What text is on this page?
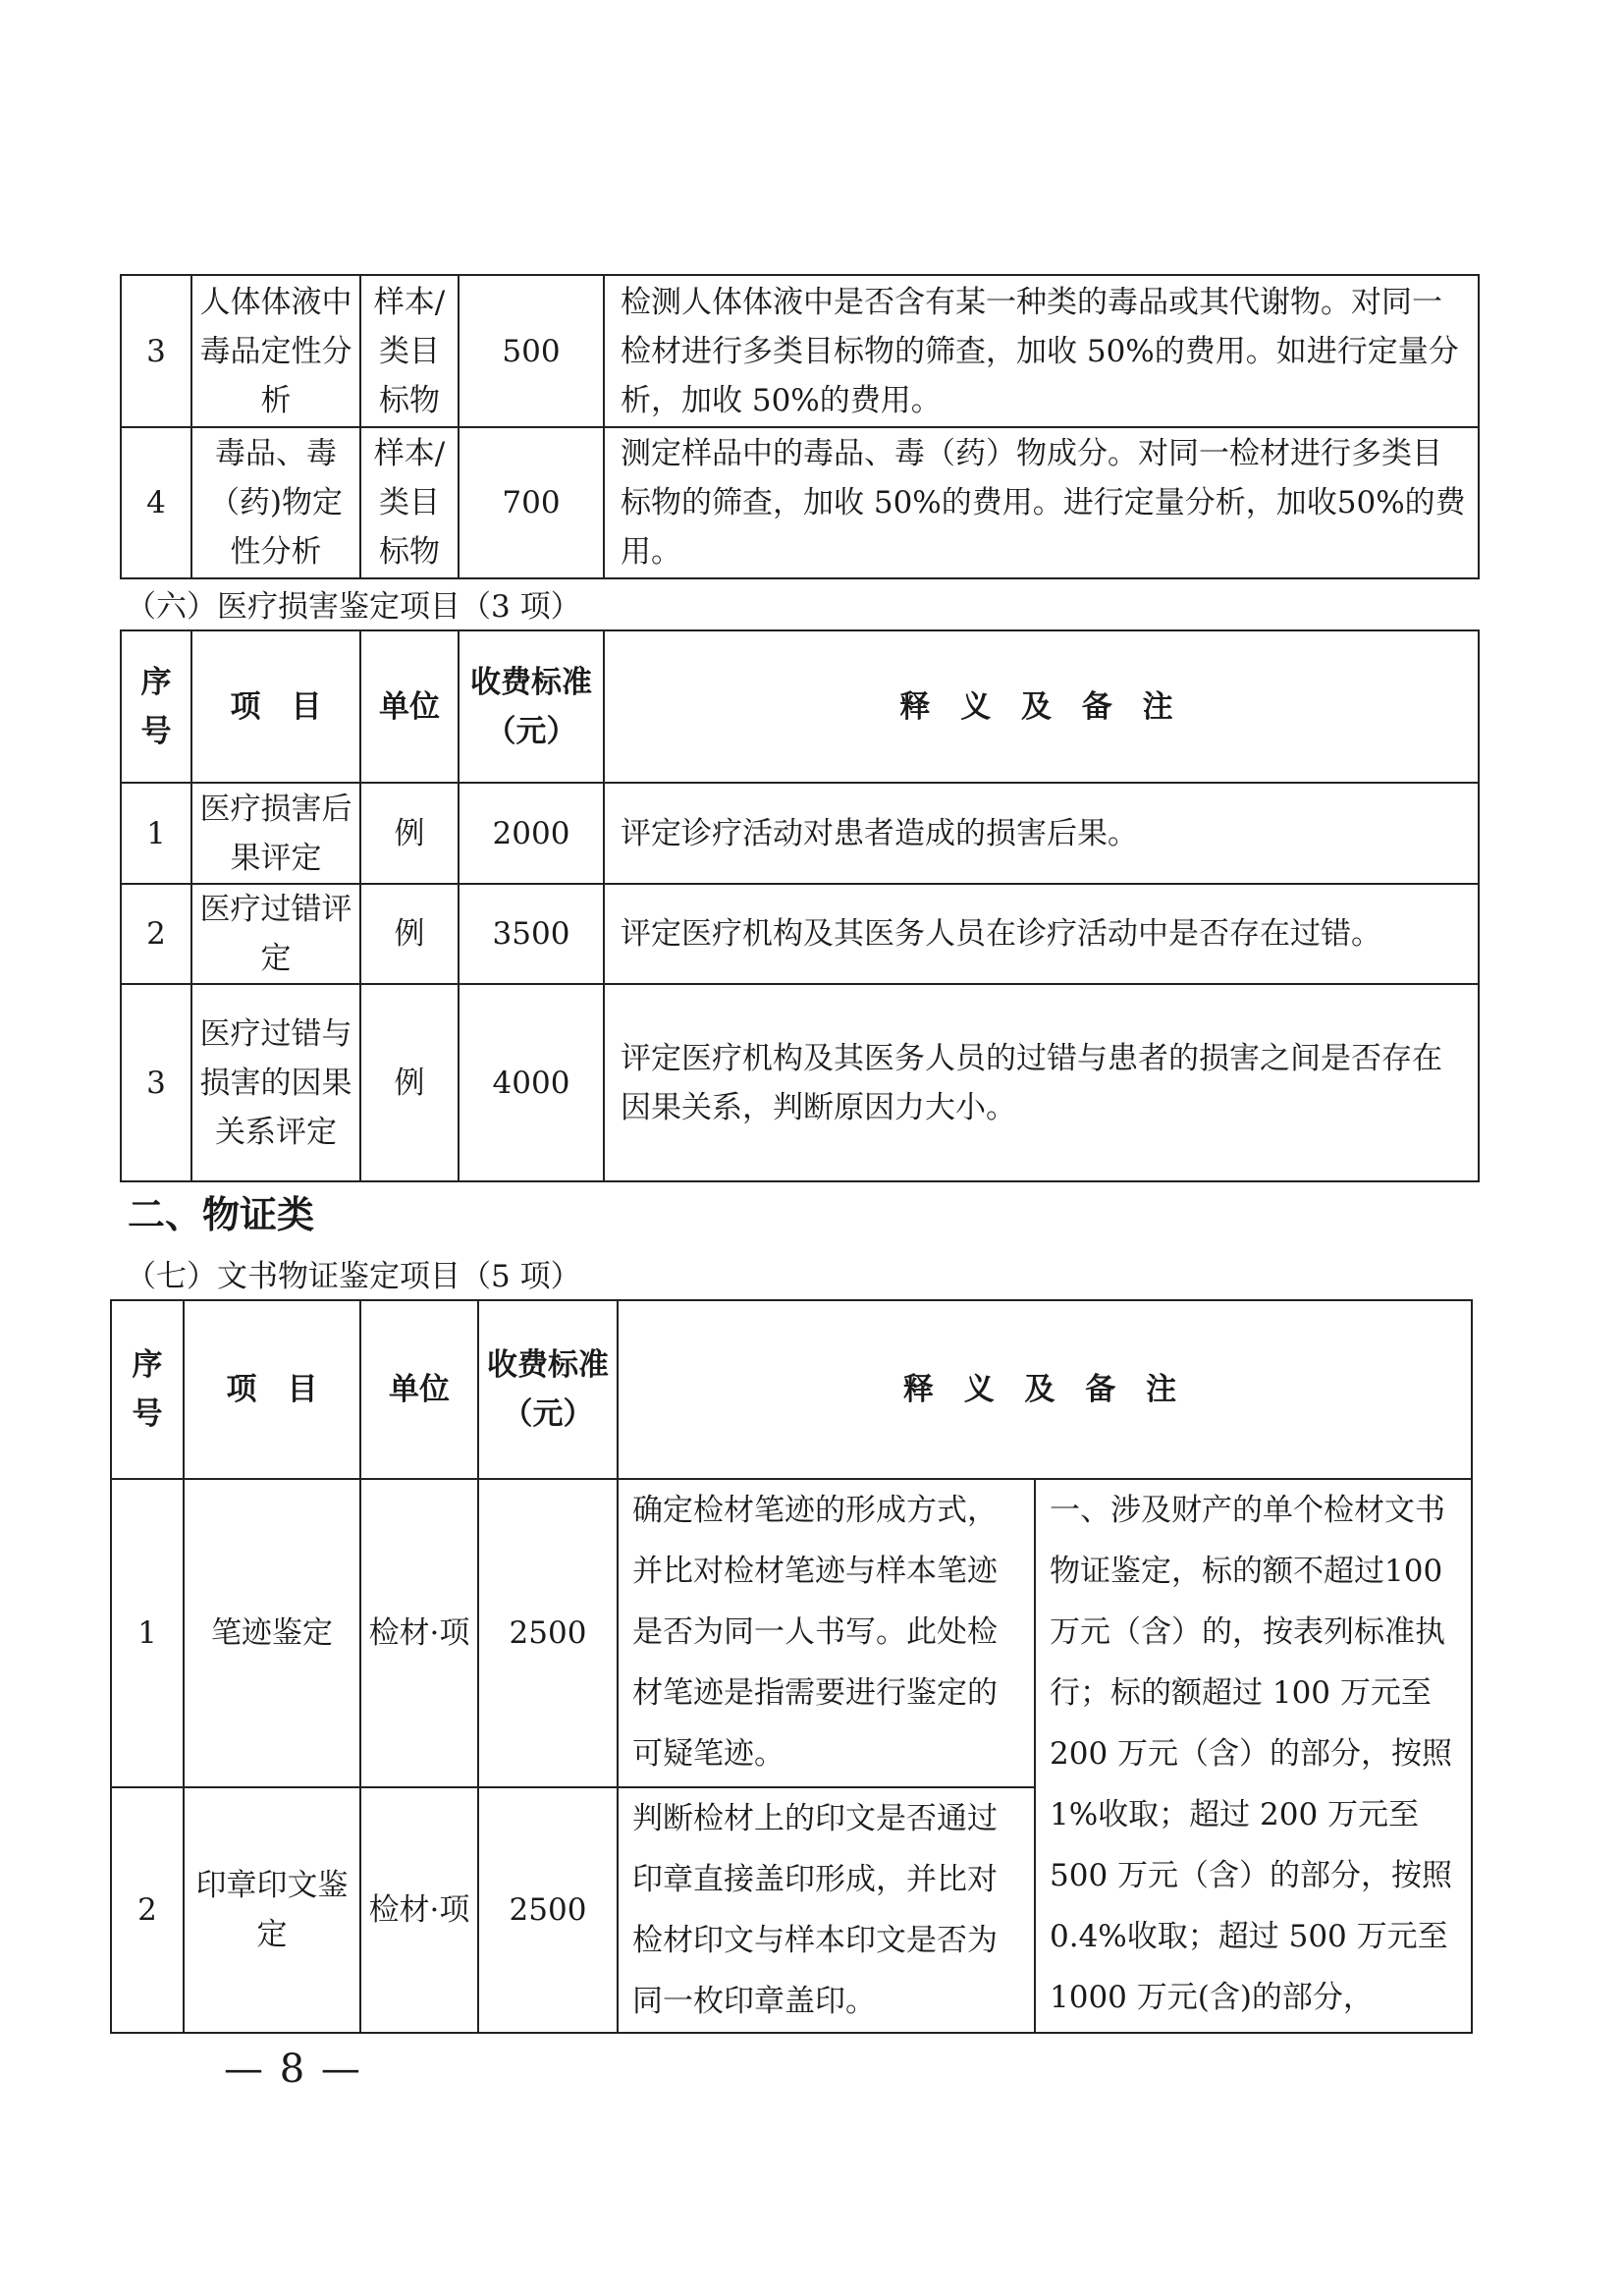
3	人体体液中毒品定性分析	样本/类目标物	500	检测人体体液中是否含有某一种类的毒品或其代谢物。对同一检材进行多类目标物的筛查，加收 50%的费用。如进行定量分析，加收 50%的费用。
4	毒品、毒（药)物定性分析	样本/类目标物	700	测定样品中的毒品、毒（药）物成分。对同一检材进行多类目标物的筛查，加收 50%的费用。进行定量分析，加收50%的费用。
（六）医疗损害鉴定项目（3 项）
序号	项　目	单位	收费标准（元）	释 义 及 备 注
1	医疗损害后果评定	例	2000	评定诊疗活动对患者造成的损害后果。
2	医疗过错评定	例	3500	评定医疗机构及其医务人员在诊疗活动中是否存在过错。
3	医疗过错与损害的因果关系评定	例	4000	评定医疗机构及其医务人员的过错与患者的损害之间是否存在因果关系，判断原因力大小。
二、物证类
（七）文书物证鉴定项目（5 项）
序号	项　目	单位	收费标准（元）	释 义 及 备 注	
1	笔迹鉴定	检材·项	2500	确定检材笔迹的形成方式，并比对检材笔迹与样本笔迹是否为同一人书写。此处检材笔迹是指需要进行鉴定的可疑笔迹。	一、涉及财产的单个检材文书物证鉴定，标的额不超过100 万元（含）的，按表列标准执行；标的额超过 100 万元至 200 万元（含）的部分，按照 1%收取；超过 200 万元至 500 万元（含）的部分，按照 0.4%收取；超过 500 万元至 1000 万元(含)的部分，
2	印章印文鉴定	检材·项	2500	判断检材上的印文是否通过印章直接盖印形成，并比对检材印文与样本印文是否为同一枚印章盖印。	
— 8 —
